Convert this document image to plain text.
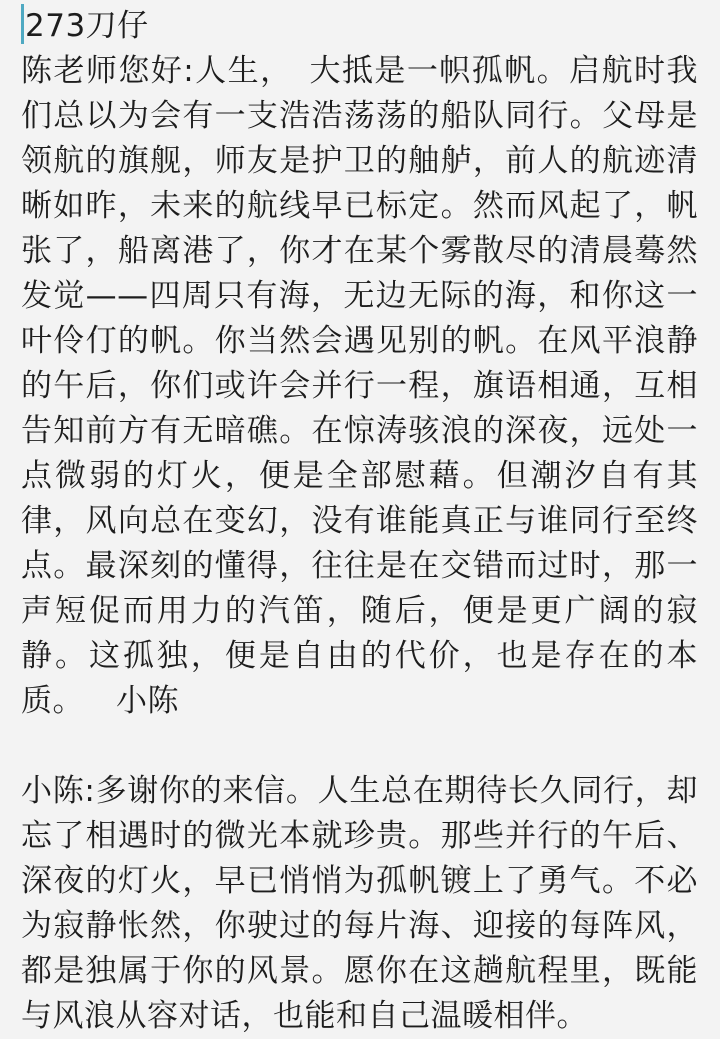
273刀仔
陈老师您好:人生，　大抵是一帜孤帆。启航时我们总以为会有一支浩浩荡荡的船队同行。父母是领航的旗舰，师友是护卫的舳舻，前人的航迹清晰如昨，未来的航线早已标定。然而风起了，帆张了，船离港了，你才在某个雾散尽的清晨蓦然发觉——四周只有海，无边无际的海，和你这一叶伶仃的帆。你当然会遇见别的帆。在风平浪静的午后，你们或许会并行一程，旗语相通，互相告知前方有无暗礁。在惊涛骇浪的深夜，远处一点微弱的灯火，便是全部慰藉。但潮汐自有其律，风向总在变幻，没有谁能真正与谁同行至终点。最深刻的懂得，往往是在交错而过时，那一声短促而用力的汽笛，随后，便是更广阔的寂静。这孤独，便是自由的代价，也是存在的本质。　 小陈
小陈:多谢你的来信。人生总在期待长久同行，却忘了相遇时的微光本就珍贵。那些并行的午后、深夜的灯火，早已悄悄为孤帆镀上了勇气。不必为寂静怅然，你驶过的每片海、迎接的每阵风，都是独属于你的风景。愿你在这趟航程里，既能与风浪从容对话，也能和自己温暖相伴。
